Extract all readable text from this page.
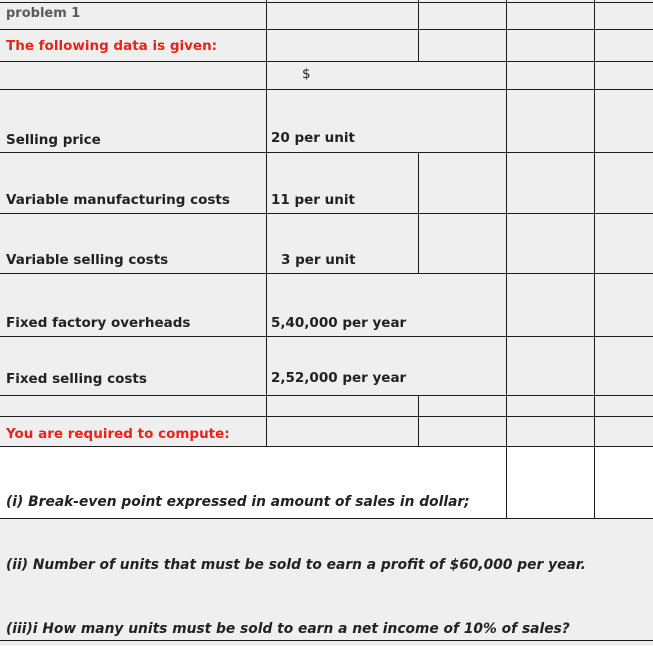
problem 1
The following data is given:
$
Selling price	20 per unit
Variable manufacturing costs	11 per unit
Variable selling costs	3 per unit
Fixed factory overheads	5,40,000 per year
Fixed selling costs	2,52,000 per year
You are required to compute:
(i) Break-even point expressed in amount of sales in dollar;
(ii) Number of units that must be sold to earn a profit of $60,000 per year.
(iii)i How many units must be sold to earn a net income of 10% of sales?
